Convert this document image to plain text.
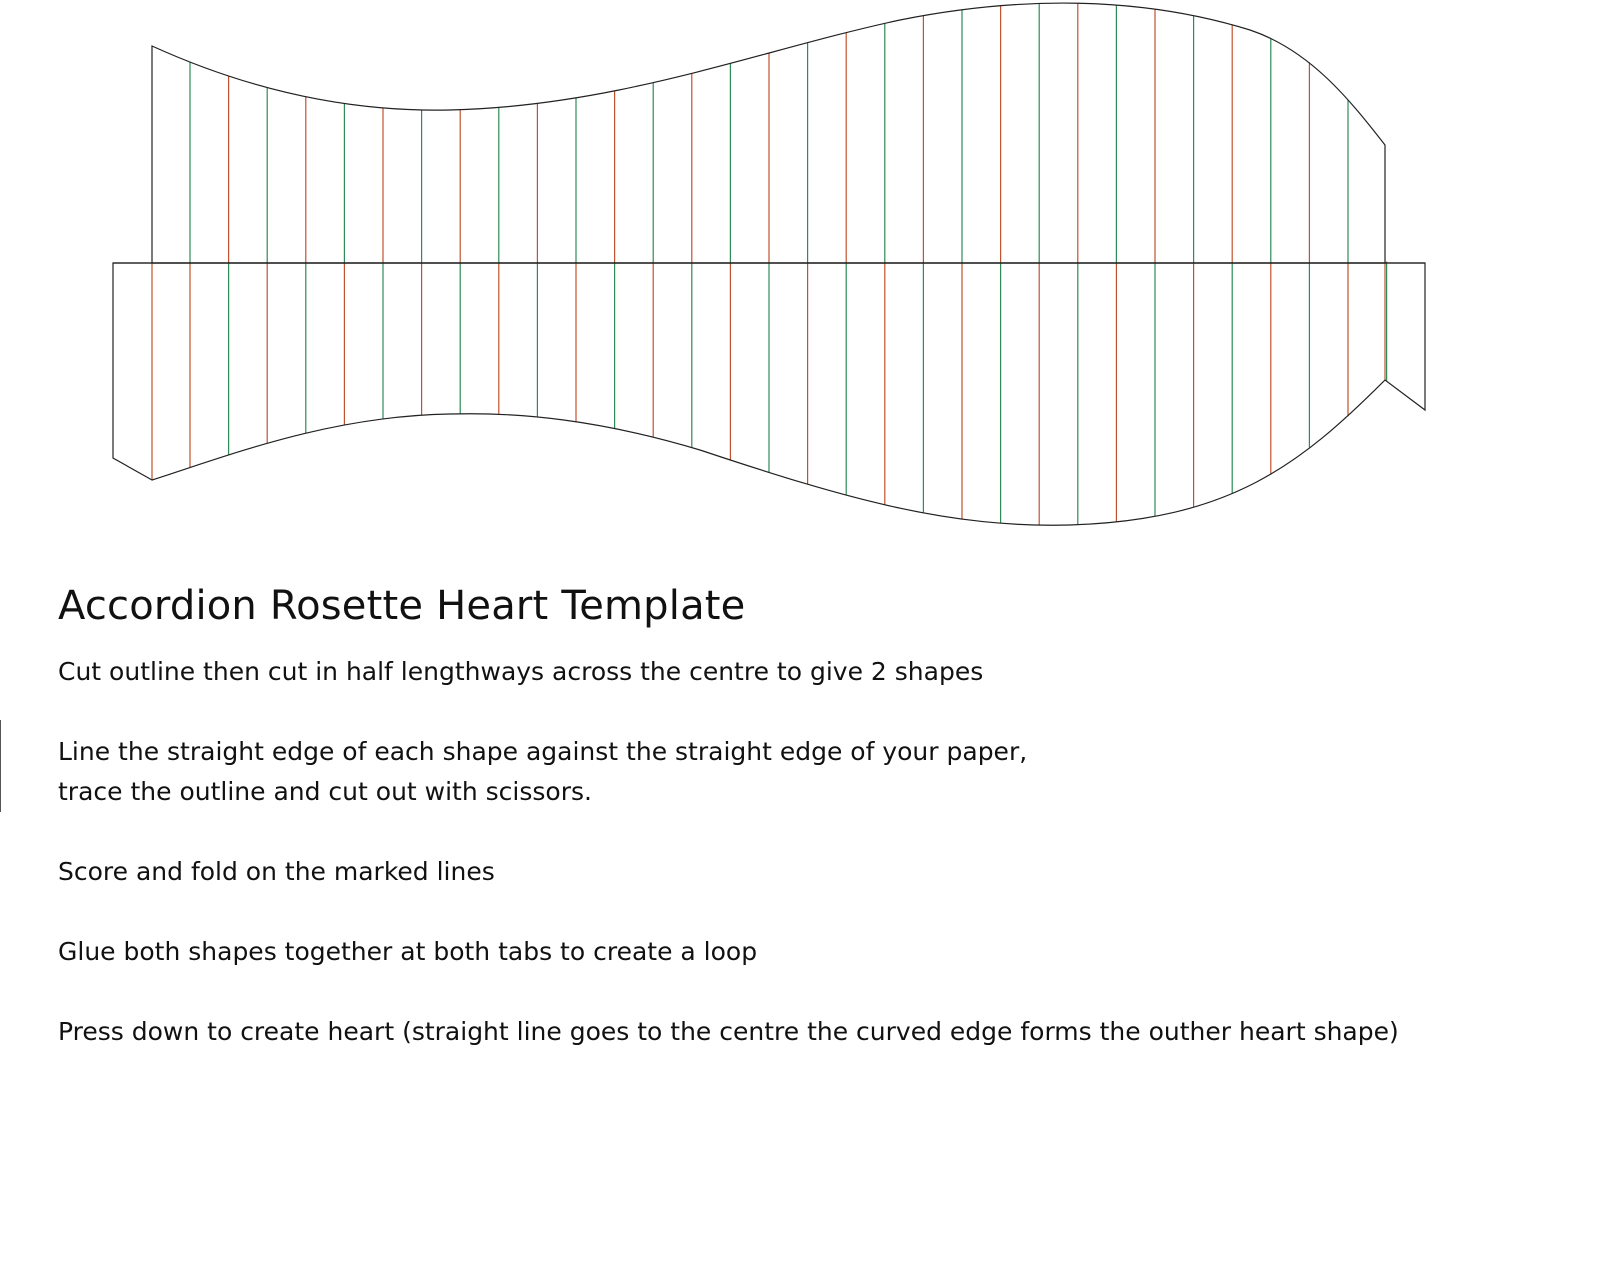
Accordion Rosette Heart Template

Cut outline then cut in half lengthways across the centre to give 2 shapes

Line the straight edge of each shape against the straight edge of your paper,
trace the outline and cut out with scissors.

Score and fold on the marked lines

Glue both shapes together at both tabs to create a loop

Press down to create heart (straight line goes to the centre the curved edge forms the outher heart shape)
